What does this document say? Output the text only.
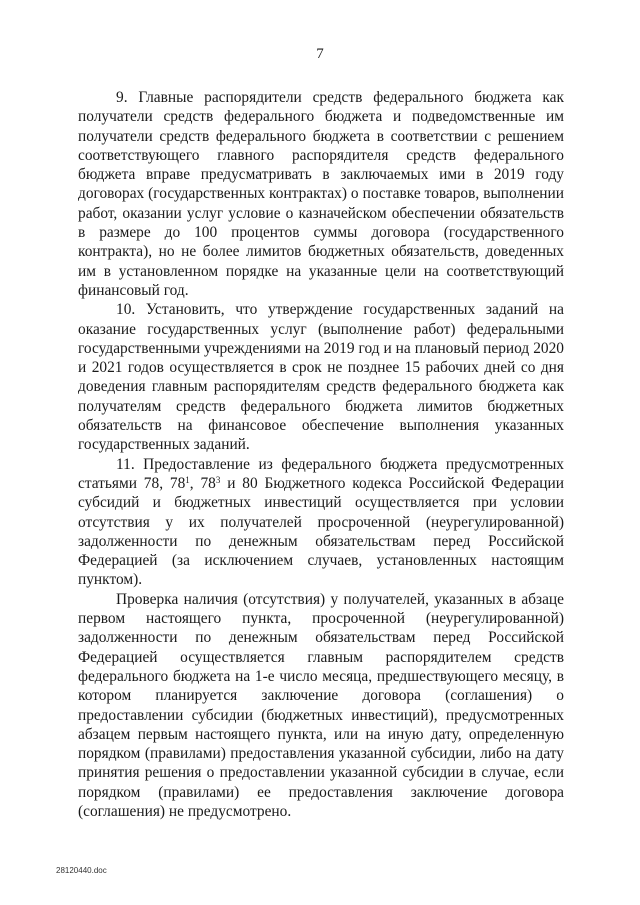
7

9. Главные распорядители средств федерального бюджета как получатели средств федерального бюджета и подведомственные им получатели средств федерального бюджета в соответствии с решением соответствующего главного распорядителя средств федерального бюджета вправе предусматривать в заключаемых ими в 2019 году договорах (государственных контрактах) о поставке товаров, выполнении работ, оказании услуг условие о казначейском обеспечении обязательств в размере до 100 процентов суммы договора (государственного контракта), но не более лимитов бюджетных обязательств, доведенных им в установленном порядке на указанные цели на соответствующий финансовый год.

10. Установить, что утверждение государственных заданий на оказание государственных услуг (выполнение работ) федеральными государственными учреждениями на 2019 год и на плановый период 2020 и 2021 годов осуществляется в срок не позднее 15 рабочих дней со дня доведения главным распорядителям средств федерального бюджета как получателям средств федерального бюджета лимитов бюджетных обязательств на финансовое обеспечение выполнения указанных государственных заданий.

11. Предоставление из федерального бюджета предусмотренных статьями 78, $78^1$, $78^3$ и 80 Бюджетного кодекса Российской Федерации субсидий и бюджетных инвестиций осуществляется при условии отсутствия у их получателей просроченной (неурегулированной) задолженности по денежным обязательствам перед Российской Федерацией (за исключением случаев, установленных настоящим пунктом).

Проверка наличия (отсутствия) у получателей, указанных в абзаце первом настоящего пункта, просроченной (неурегулированной) задолженности по денежным обязательствам перед Российской Федерацией осуществляется главным распорядителем средств федерального бюджета на 1-е число месяца, предшествующего месяцу, в котором планируется заключение договора (соглашения) о предоставлении субсидии (бюджетных инвестиций), предусмотренных абзацем первым настоящего пункта, или на иную дату, определенную порядком (правилами) предоставления указанной субсидии, либо на дату принятия решения о предоставлении указанной субсидии в случае, если порядком (правилами) ее предоставления заключение договора (соглашения) не предусмотрено.

28120440.doc
